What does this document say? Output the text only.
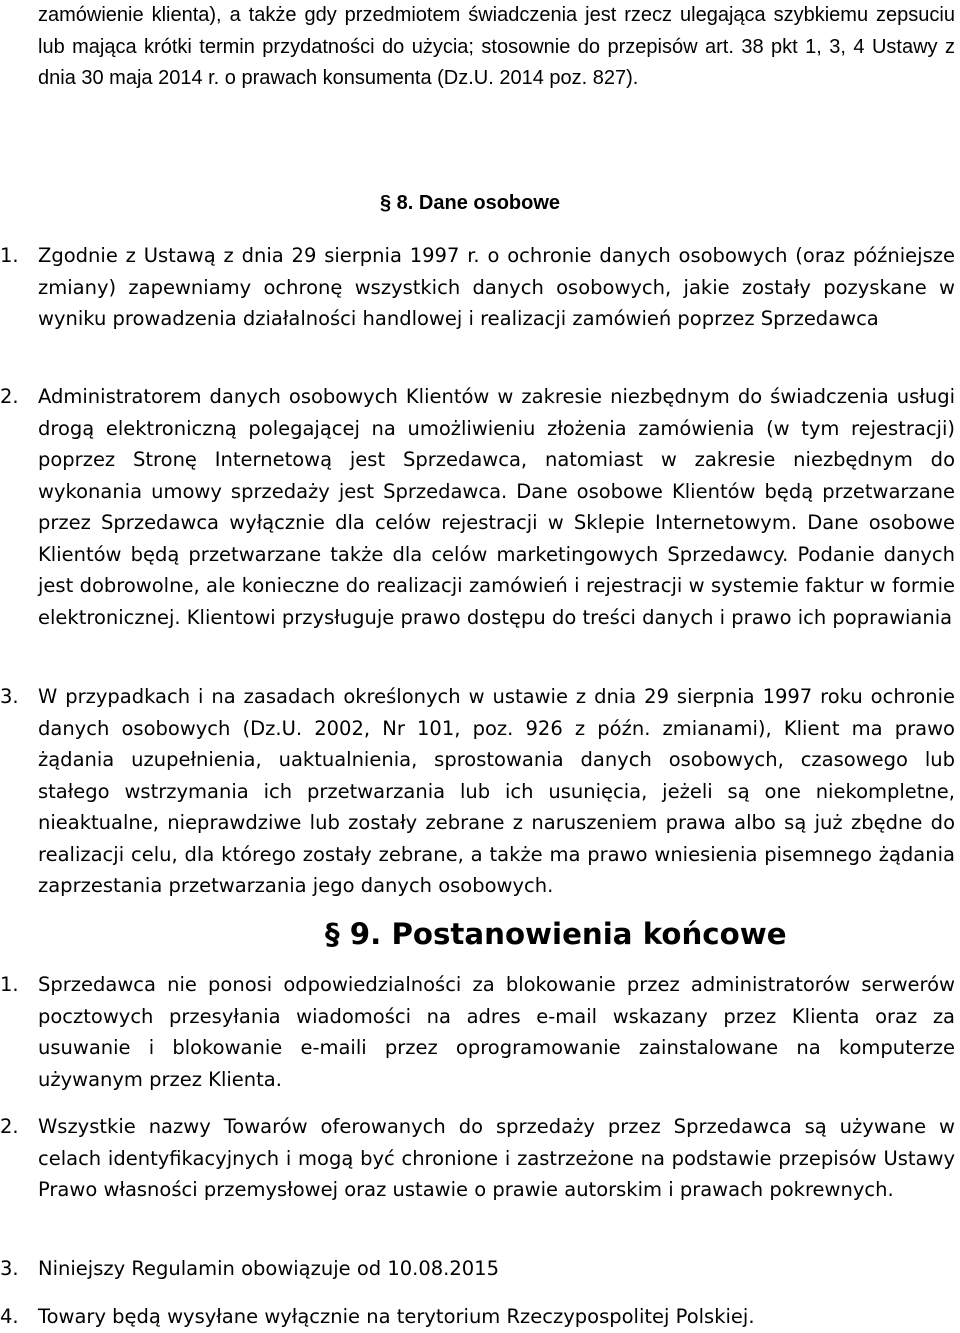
zamówienie klienta), a także gdy przedmiotem świadczenia jest rzecz ulegająca szybkiemu zepsuciu lub mająca krótki termin przydatności do użycia; stosownie do przepisów art. 38 pkt 1, 3, 4 Ustawy z dnia 30 maja 2014 r. o prawach konsumenta (Dz.U. 2014 poz. 827).

§ 8. Dane osobowe
1. Zgodnie z Ustawą z dnia 29 sierpnia 1997 r. o ochronie danych osobowych (oraz późniejsze zmiany) zapewniamy ochronę wszystkich danych osobowych, jakie zostały pozyskane w wyniku prowadzenia działalności handlowej i realizacji zamówień poprzez Sprzedawca

2. Administratorem danych osobowych Klientów w zakresie niezbędnym do świadczenia usługi drogą elektroniczną polegającej na umożliwieniu złożenia zamówienia (w tym rejestracji) poprzez Stronę Internetową jest Sprzedawca, natomiast w zakresie niezbędnym do wykonania umowy sprzedaży jest Sprzedawca. Dane osobowe Klientów będą przetwarzane przez Sprzedawca wyłącznie dla celów rejestracji w Sklepie Internetowym. Dane osobowe Klientów będą przetwarzane także dla celów marketingowych Sprzedawcy. Podanie danych jest dobrowolne, ale konieczne do realizacji zamówień i rejestracji w systemie faktur w formie elektronicznej. Klientowi przysługuje prawo dostępu do treści danych i prawo ich poprawiania

3. W przypadkach i na zasadach określonych w ustawie z dnia 29 sierpnia 1997 roku ochronie danych osobowych (Dz.U. 2002, Nr 101, poz. 926 z późn. zmianami), Klient ma prawo żądania uzupełnienia, uaktualnienia, sprostowania danych osobowych, czasowego lub stałego wstrzymania ich przetwarzania lub ich usunięcia, jeżeli są one niekompletne, nieaktualne, nieprawdziwe lub zostały zebrane z naruszeniem prawa albo są już zbędne do realizacji celu, dla którego zostały zebrane, a także ma prawo wniesienia pisemnego żądania zaprzestania przetwarzania jego danych osobowych.

§ 9. Postanowienia końcowe
1. Sprzedawca nie ponosi odpowiedzialności za blokowanie przez administratorów serwerów pocztowych przesyłania wiadomości na adres e-mail wskazany przez Klienta oraz za usuwanie i blokowanie e-maili przez oprogramowanie zainstalowane na komputerze używanym przez Klienta.

2. Wszystkie nazwy Towarów oferowanych do sprzedaży przez Sprzedawca są używane w celach identyfikacyjnych i mogą być chronione i zastrzeżone na podstawie przepisów Ustawy Prawo własności przemysłowej oraz ustawie o prawie autorskim i prawach pokrewnych.

3. Niniejszy Regulamin obowiązuje od 10.08.2015

4. Towary będą wysyłane wyłącznie na terytorium Rzeczypospolitej Polskiej.
